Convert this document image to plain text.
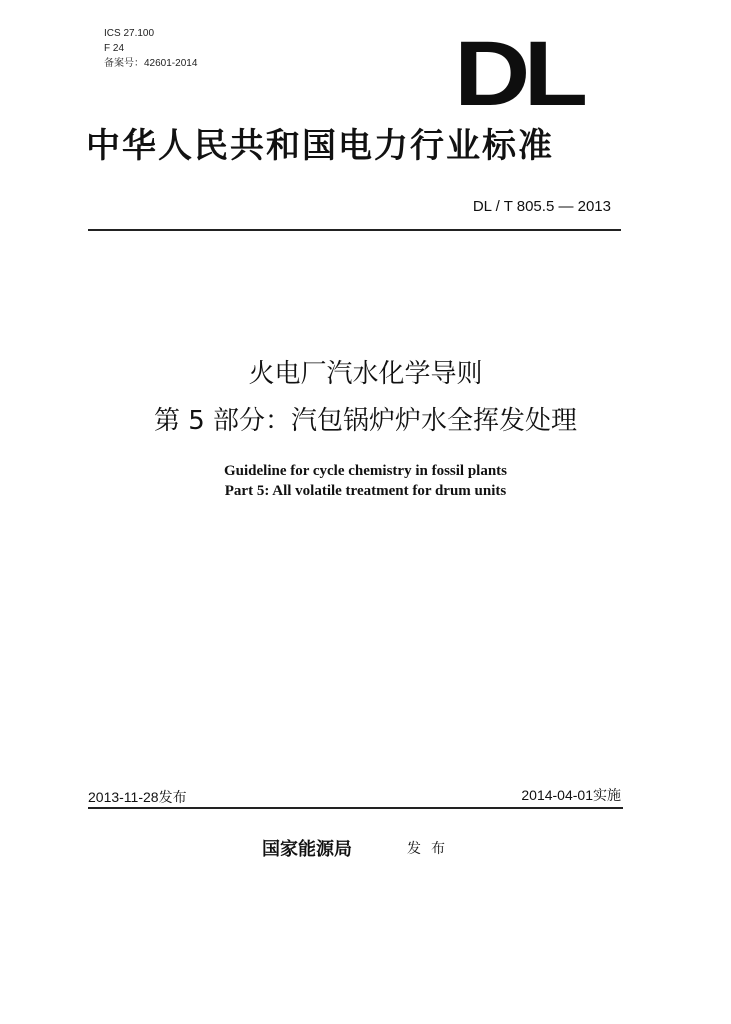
ICS 27.100
F 24
备案号：42601-2014	DL
中华人民共和国电力行业标准
DL / T 805.5 — 2013
火电厂汽水化学导则
第 5 部分：汽包锅炉炉水全挥发处理
Guideline for cycle chemistry in fossil plants
Part 5: All volatile treatment for drum units
2013-11-28发布	2014-04-01实施
国家能源局	发布
